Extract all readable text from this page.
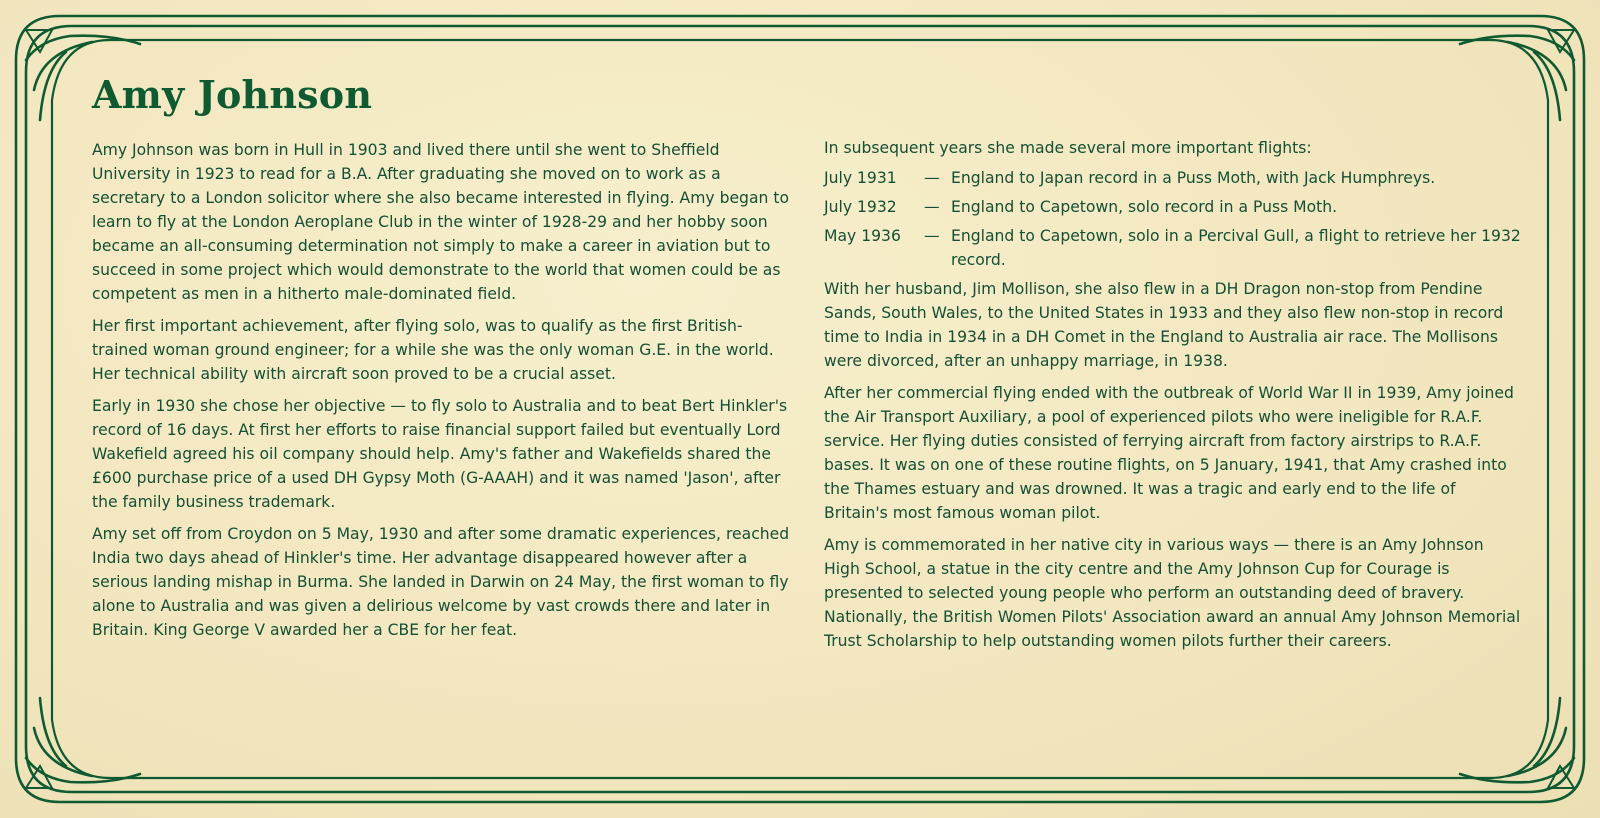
Amy Johnson

Amy Johnson was born in Hull in 1903 and lived there until she went to Sheffield University in 1923 to read for a B.A. After graduating she moved on to work as a secretary to a London solicitor where she also became interested in flying. Amy began to learn to fly at the London Aeroplane Club in the winter of 1928-29 and her hobby soon became an all-consuming determination not simply to make a career in aviation but to succeed in some project which would demonstrate to the world that women could be as competent as men in a hitherto male-dominated field.

Her first important achievement, after flying solo, was to qualify as the first British-trained woman ground engineer; for a while she was the only woman G.E. in the world. Her technical ability with aircraft soon proved to be a crucial asset.

Early in 1930 she chose her objective — to fly solo to Australia and to beat Bert Hinkler's record of 16 days. At first her efforts to raise financial support failed but eventually Lord Wakefield agreed his oil company should help. Amy's father and Wakefields shared the £600 purchase price of a used DH Gypsy Moth (G-AAAH) and it was named 'Jason', after the family business trademark.

Amy set off from Croydon on 5 May, 1930 and after some dramatic experiences, reached India two days ahead of Hinkler's time. Her advantage disappeared however after a serious landing mishap in Burma. She landed in Darwin on 24 May, the first woman to fly alone to Australia and was given a delirious welcome by vast crowds there and later in Britain. King George V awarded her a CBE for her feat.

In subsequent years she made several more important flights:

July 1931	— England to Japan record in a Puss Moth, with Jack Humphreys.
July 1932	— England to Capetown, solo record in a Puss Moth.
May 1936	— England to Capetown, solo in a Percival Gull, a flight to retrieve her 1932 record.

With her husband, Jim Mollison, she also flew in a DH Dragon non-stop from Pendine Sands, South Wales, to the United States in 1933 and they also flew non-stop in record time to India in 1934 in a DH Comet in the England to Australia air race. The Mollisons were divorced, after an unhappy marriage, in 1938.

After her commercial flying ended with the outbreak of World War II in 1939, Amy joined the Air Transport Auxiliary, a pool of experienced pilots who were ineligible for R.A.F. service. Her flying duties consisted of ferrying aircraft from factory airstrips to R.A.F. bases. It was on one of these routine flights, on 5 January, 1941, that Amy crashed into the Thames estuary and was drowned. It was a tragic and early end to the life of Britain's most famous woman pilot.

Amy is commemorated in her native city in various ways — there is an Amy Johnson High School, a statue in the city centre and the Amy Johnson Cup for Courage is presented to selected young people who perform an outstanding deed of bravery. Nationally, the British Women Pilots' Association award an annual Amy Johnson Memorial Trust Scholarship to help outstanding women pilots further their careers.
